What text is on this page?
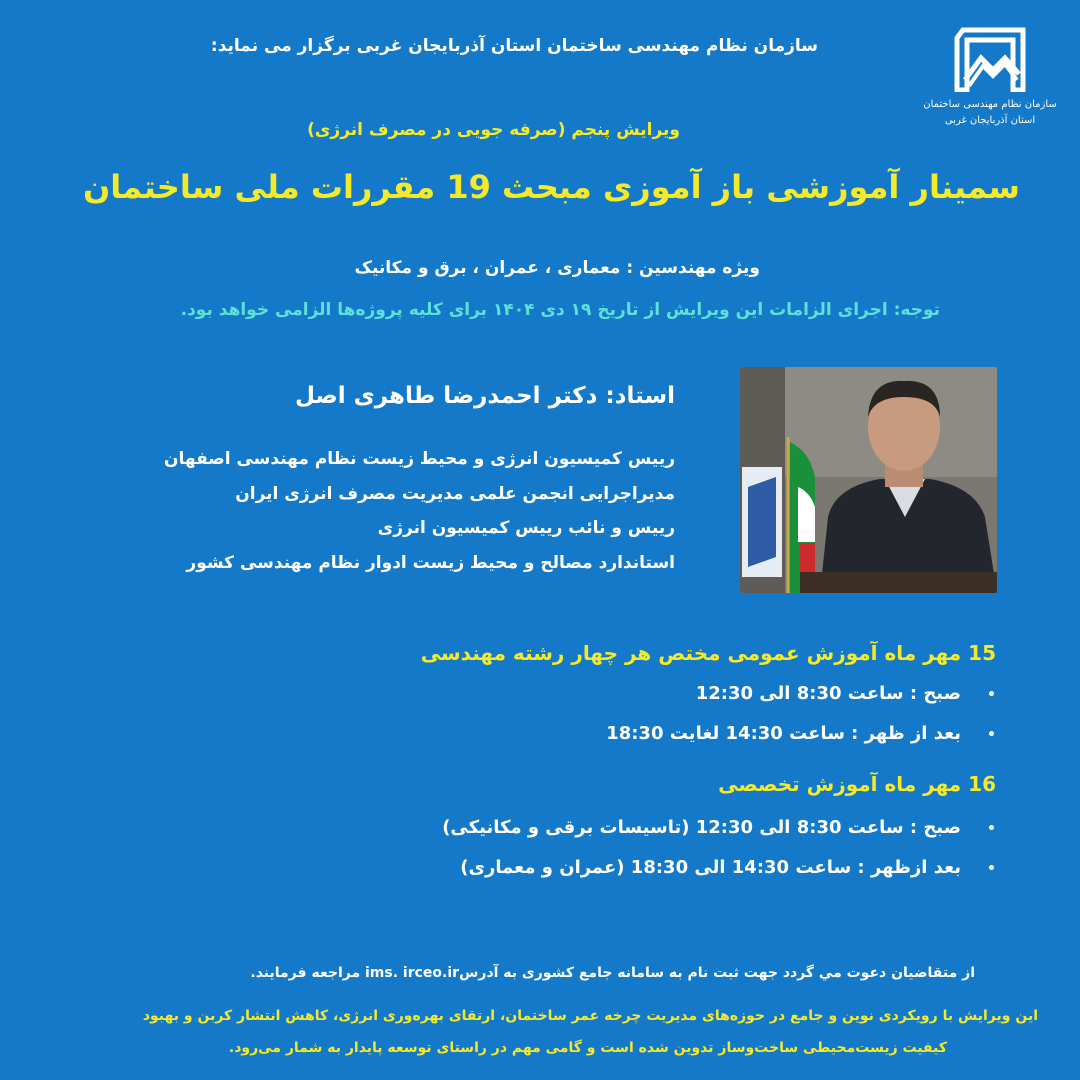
سازمان نظام مهندسی ساختمان
استان آذربایجان غربی
سازمان نظام مهندسی ساختمان استان آذربایجان غربی برگزار می نماید:
ویرایش پنجم (صرفه جویی در مصرف انرژی)
سمینار آموزشی باز آموزی مبحث 19 مقررات ملی ساختمان
ویژه مهندسین : معماری ، عمران ، برق و مکانیک
توجه: اجرای الزامات این ویرایش از تاریخ ۱۹ دی ۱۴۰۴ برای کلیه پروژه‌ها الزامی خواهد بود.
استاد: دکتر احمدرضا طاهری اصل
رییس کمیسیون انرژی و محیط زیست نظام مهندسی اصفهان
مدیراجرایی انجمن علمی مدیریت مصرف انرژی ایران
رییس و نائب رییس کمیسیون انرژی
استاندارد مصالح و محیط زیست ادوار نظام مهندسی کشور
15 مهر ماه آموزش عمومی مختص هر چهار رشته مهندسی
•صبح : ساعت 8:30 الی 12:30
•بعد از ظهر : ساعت 14:30 لغایت 18:30
16 مهر ماه آموزش تخصصی
•صبح : ساعت 8:30 الی 12:30 (تاسیسات برقی و مکانیکی)
•بعد ازظهر : ساعت 14:30 الی 18:30 (عمران و معماری)
از متقاضیان دعوت مي گردد جهت ثبت نام به سامانه جامع کشوری به آدرسims. irceo.ir مراجعه فرمایند.
این ویرایش با رویکردی نوین و جامع در حوزه‌های مدیریت چرخه عمر ساختمان، ارتقای بهره‌وری انرژی، کاهش انتشار کربن و بهبود
کیفیت زیست‌محیطی ساخت‌وساز تدوین شده است و گامی مهم در راستای توسعه پایدار به شمار می‌رود.
